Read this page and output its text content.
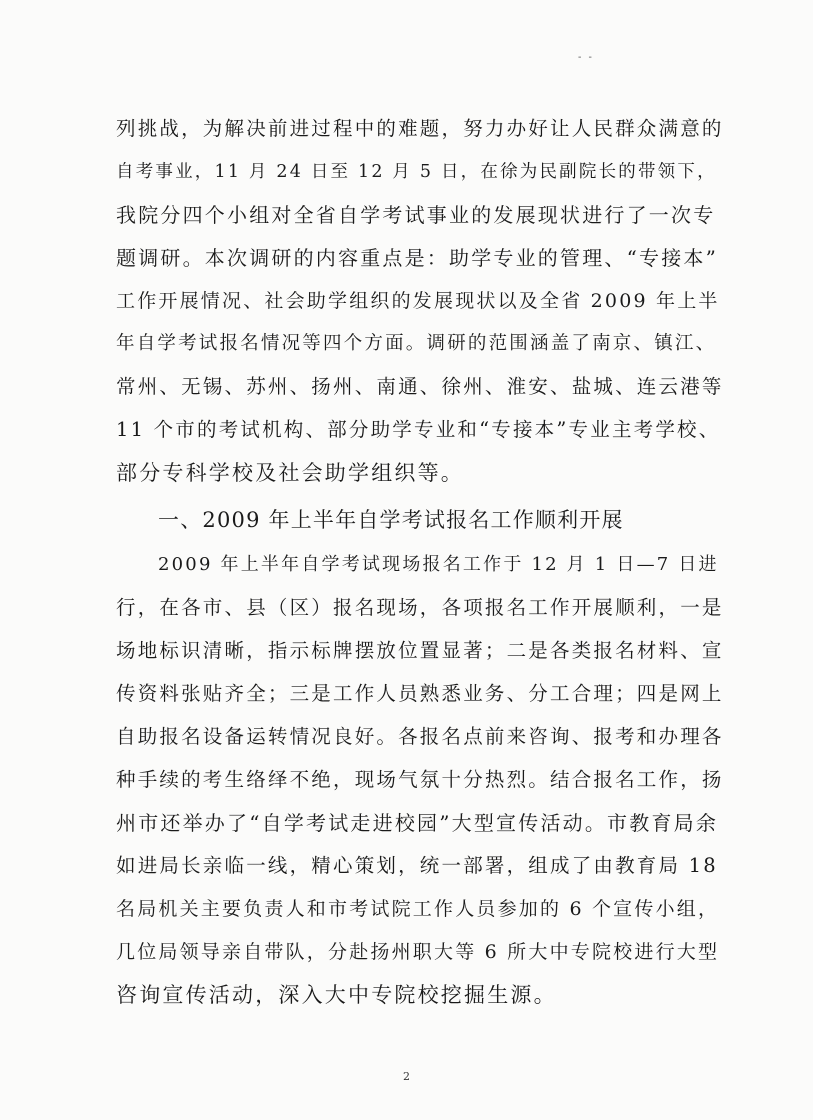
- -
列挑战，为解决前进过程中的难题，努力办好让人民群众满意的
自考事业，11 月 24 日至 12 月 5 日，在徐为民副院长的带领下，
我院分四个小组对全省自学考试事业的发展现状进行了一次专
题调研。本次调研的内容重点是：助学专业的管理、“专接本”
工作开展情况、社会助学组织的发展现状以及全省 2009 年上半
年自学考试报名情况等四个方面。调研的范围涵盖了南京、镇江、
常州、无锡、苏州、扬州、南通、徐州、淮安、盐城、连云港等
11 个市的考试机构、部分助学专业和“专接本”专业主考学校、
部分专科学校及社会助学组织等。
一、2009 年上半年自学考试报名工作顺利开展
2009 年上半年自学考试现场报名工作于 12 月 1 日—7 日进
行，在各市、县（区）报名现场，各项报名工作开展顺利，一是
场地标识清晰，指示标牌摆放位置显著；二是各类报名材料、宣
传资料张贴齐全；三是工作人员熟悉业务、分工合理；四是网上
自助报名设备运转情况良好。各报名点前来咨询、报考和办理各
种手续的考生络绎不绝，现场气氛十分热烈。结合报名工作，扬
州市还举办了“自学考试走进校园”大型宣传活动。市教育局余
如进局长亲临一线，精心策划，统一部署，组成了由教育局 18
名局机关主要负责人和市考试院工作人员参加的 6 个宣传小组，
几位局领导亲自带队，分赴扬州职大等 6 所大中专院校进行大型
咨询宣传活动，深入大中专院校挖掘生源。
2
